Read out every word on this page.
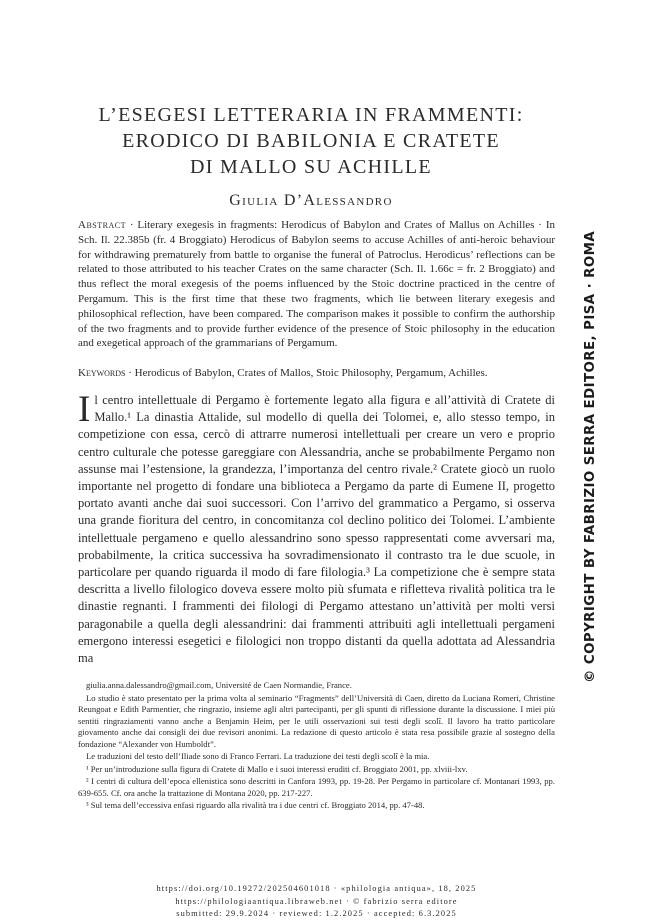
L’ESEGESI LETTERARIA IN FRAMMENTI:
ERODICO DI BABILONIA E CRATETE
DI MALLO SU ACHILLE
Giulia D’Alessandro
Abstract · Literary exegesis in fragments: Herodicus of Babylon and Crates of Mallus on Achilles · In Sch. Il. 22.385b (fr. 4 Broggiato) Herodicus of Babylon seems to accuse Achilles of anti-heroic behaviour for withdrawing prematurely from battle to organise the funeral of Patroclus. Herodicus’ reflections can be related to those attributed to his teacher Crates on the same character (Sch. Il. 1.66c = fr. 2 Broggiato) and thus reflect the moral exegesis of the poems influenced by the Stoic doctrine practiced in the centre of Pergamum. This is the first time that these two fragments, which lie between literary exegesis and philosophical reflection, have been compared. The comparison makes it possible to confirm the authorship of the two fragments and to provide further evidence of the presence of Stoic philosophy in the education and exegetical approach of the grammarians of Pergamum.
Keywords · Herodicus of Babylon, Crates of Mallos, Stoic Philosophy, Pergamum, Achilles.
Il centro intellettuale di Pergamo è fortemente legato alla figura e all’attività di Cratete di Mallo.¹ La dinastia Attalide, sul modello di quella dei Tolomei, e, allo stesso tempo, in competizione con essa, cercò di attrarre numerosi intellettuali per creare un vero e proprio centro culturale che potesse gareggiare con Alessandria, anche se probabilmente Pergamo non assunse mai l’estensione, la grandezza, l’importanza del centro rivale.² Cratete giocò un ruolo importante nel progetto di fondare una biblioteca a Pergamo da parte di Eumene II, progetto portato avanti anche dai suoi successori. Con l’arrivo del grammatico a Pergamo, si osserva una grande fioritura del centro, in concomitanza col declino politico dei Tolomei. L’ambiente intellettuale pergameno e quello alessandrino sono spesso rappresentati come avversari ma, probabilmente, la critica successiva ha sovradimensionato il contrasto tra le due scuole, in particolare per quando riguarda il modo di fare filologia.³ La competizione che è sempre stata descritta a livello filologico doveva essere molto più sfumata e rifletteva rivalità politica tra le dinastie regnanti. I frammenti dei filologi di Pergamo attestano un’attività per molti versi paragonabile a quella degli alessandrini: dai frammenti attribuiti agli intellettuali pergameni emergono interessi esegetici e filologici non troppo distanti da quella adottata ad Alessandria ma

giulia.anna.dalessandro@gmail.com, Université de Caen Normandie, France.

Lo studio è stato presentato per la prima volta al seminario “Fragments” dell’Università di Caen, diretto da Luciana Romeri, Christine Reungoat e Edith Parmentier, che ringrazio, insieme agli altri partecipanti, per gli spunti di riflessione durante la discussione. I miei più sentiti ringraziamenti vanno anche a Benjamin Heim, per le utili osservazioni sui testi degli scolî. Il lavoro ha tratto particolare giovamento anche dai consigli dei due revisori anonimi. La redazione di questo articolo è stata resa possibile grazie al sostegno della fondazione “Alexander von Humboldt”.

Le traduzioni del testo dell’Iliade sono di Franco Ferrari. La traduzione dei testi degli scolî è la mia.

¹ Per un’introduzione sulla figura di Cratete di Mallo e i suoi interessi eruditi cf. Broggiato 2001, pp. xlviii-lxv.

² I centri di cultura dell’epoca ellenistica sono descritti in Canfora 1993, pp. 19-28. Per Pergamo in particolare cf. Montanari 1993, pp. 639-655. Cf. ora anche la trattazione di Montana 2020, pp. 217-227.

³ Sul tema dell’eccessiva enfasi riguardo alla rivalità tra i due centri cf. Broggiato 2014, pp. 47-48.

https://doi.org/10.19272/202504601018 · «philologia antiqua», 18, 2025
https://philologiaantiqua.libraweb.net · © fabrizio serra editore
submitted: 29.9.2024 · reviewed: 1.2.2025 · accepted: 6.3.2025
© COPYRIGHT BY FABRIZIO SERRA EDITORE, PISA · ROMA
